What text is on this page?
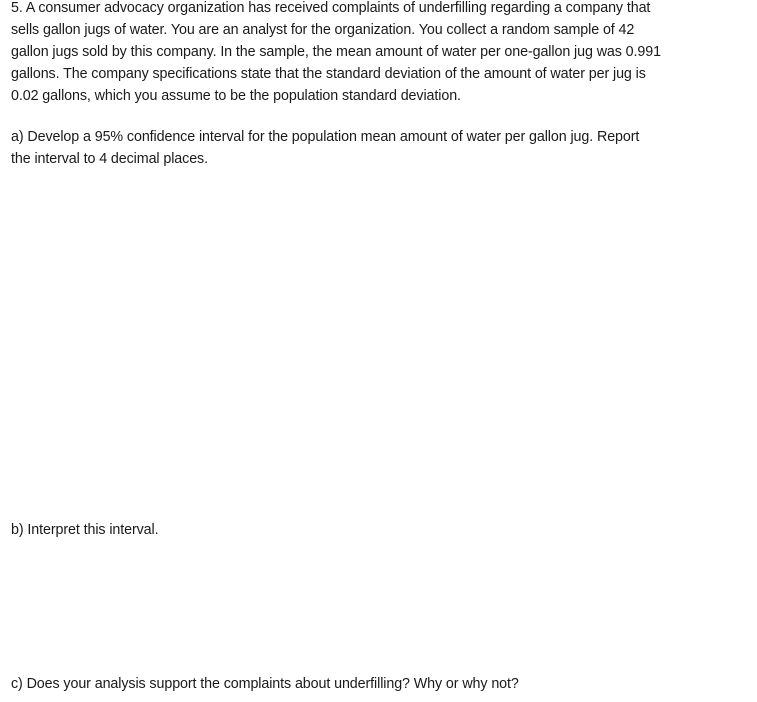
5. A consumer advocacy organization has received complaints of underfilling regarding a company that
sells gallon jugs of water. You are an analyst for the organization. You collect a random sample of 42
gallon jugs sold by this company. In the sample, the mean amount of water per one-gallon jug was 0.991
gallons. The company specifications state that the standard deviation of the amount of water per jug is
0.02 gallons, which you assume to be the population standard deviation.
a) Develop a 95% confidence interval for the population mean amount of water per gallon jug. Report
the interval to 4 decimal places.
b) Interpret this interval.
c) Does your analysis support the complaints about underfilling? Why or why not?
